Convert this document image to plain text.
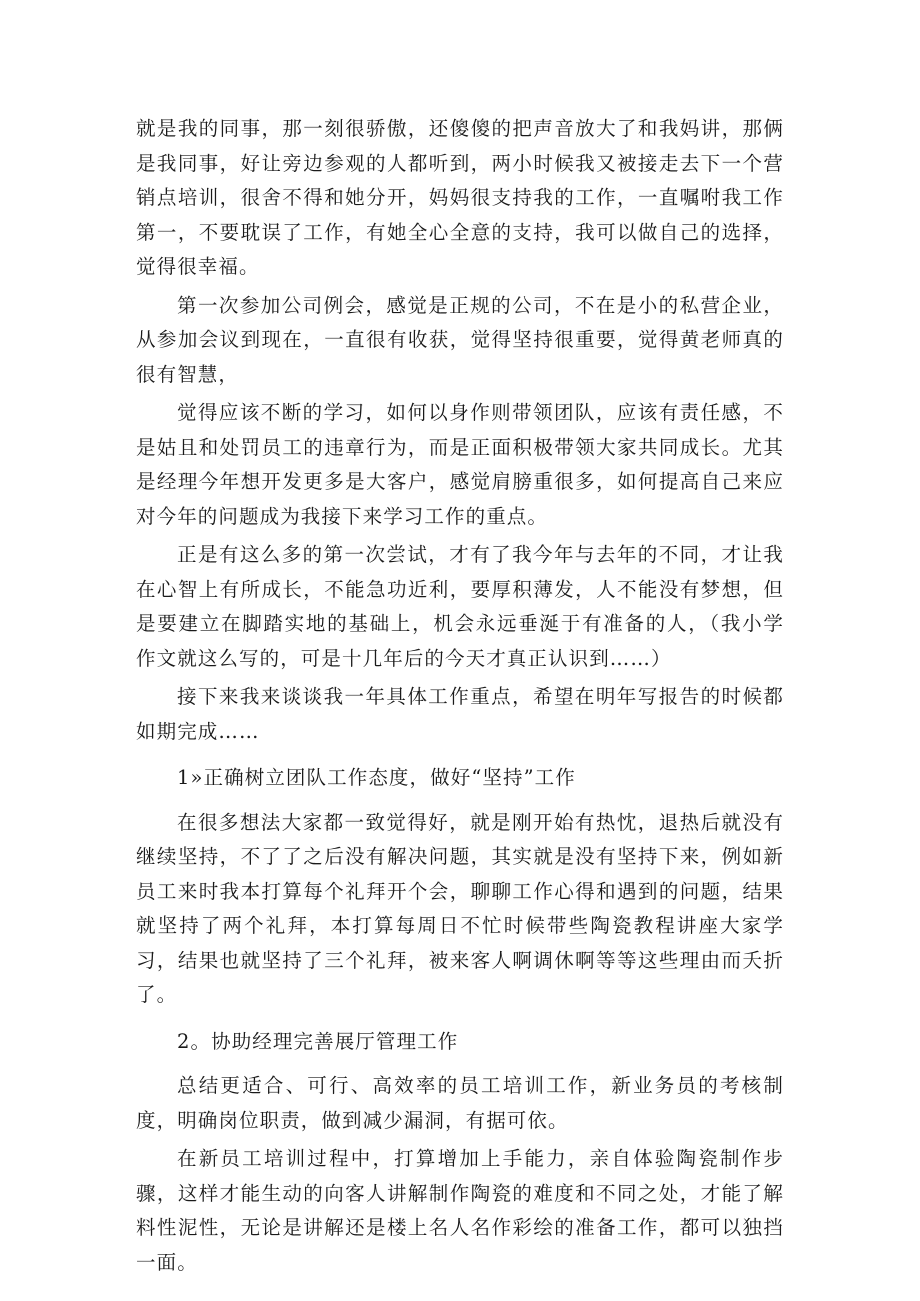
就是我的同事，那一刻很骄傲，还傻傻的把声音放大了和我妈讲，那俩是我同事，好让旁边参观的人都听到，两小时候我又被接走去下一个营销点培训，很舍不得和她分开，妈妈很支持我的工作，一直嘱咐我工作第一，不要耽误了工作，有她全心全意的支持，我可以做自己的选择，觉得很幸福。

第一次参加公司例会，感觉是正规的公司，不在是小的私营企业，从参加会议到现在，一直很有收获，觉得坚持很重要，觉得黄老师真的很有智慧，

觉得应该不断的学习，如何以身作则带领团队，应该有责任感，不是姑且和处罚员工的违章行为，而是正面积极带领大家共同成长。尤其是经理今年想开发更多是大客户，感觉肩膀重很多，如何提高自己来应对今年的问题成为我接下来学习工作的重点。

正是有这么多的第一次尝试，才有了我今年与去年的不同，才让我在心智上有所成长，不能急功近利，要厚积薄发，人不能没有梦想，但是要建立在脚踏实地的基础上，机会永远垂涎于有准备的人，（我小学作文就这么写的，可是十几年后的今天才真正认识到……）

接下来我来谈谈我一年具体工作重点，希望在明年写报告的时候都如期完成……

1»正确树立团队工作态度，做好“坚持”工作

在很多想法大家都一致觉得好，就是刚开始有热忱，退热后就没有继续坚持，不了了之后没有解决问题，其实就是没有坚持下来，例如新员工来时我本打算每个礼拜开个会，聊聊工作心得和遇到的问题，结果就坚持了两个礼拜，本打算每周日不忙时候带些陶瓷教程讲座大家学习，结果也就坚持了三个礼拜，被来客人啊调休啊等等这些理由而夭折了。

2。协助经理完善展厅管理工作

总结更适合、可行、高效率的员工培训工作，新业务员的考核制度，明确岗位职责，做到减少漏洞，有据可依。

在新员工培训过程中，打算增加上手能力，亲自体验陶瓷制作步骤，这样才能生动的向客人讲解制作陶瓷的难度和不同之处，才能了解料性泥性，无论是讲解还是楼上名人名作彩绘的准备工作，都可以独挡一面。
